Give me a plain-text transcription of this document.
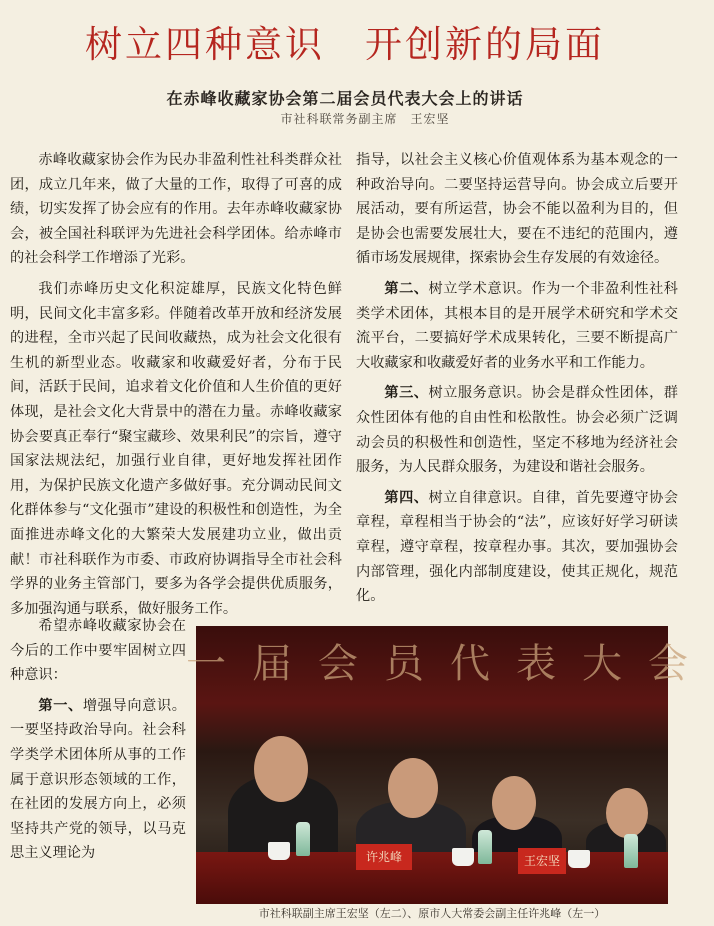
树立四种意识　开创新的局面
在赤峰收藏家协会第二届会员代表大会上的讲话
市社科联常务副主席　王宏坚

赤峰收藏家协会作为民办非盈利性社科类群众社团，成立几年来，做了大量的工作，取得了可喜的成绩，切实发挥了协会应有的作用。去年赤峰收藏家协会，被全国社科联评为先进社会科学团体。给赤峰市的社会科学工作增添了光彩。

我们赤峰历史文化积淀雄厚，民族文化特色鲜明，民间文化丰富多彩。伴随着改革开放和经济发展的进程，全市兴起了民间收藏热，成为社会文化很有生机的新型业态。收藏家和收藏爱好者，分布于民间，活跃于民间，追求着文化价值和人生价值的更好体现，是社会文化大背景中的潜在力量。赤峰收藏家协会要真正奉行“聚宝藏珍、效果利民”的宗旨，遵守国家法规法纪，加强行业自律，更好地发挥社团作用，为保护民族文化遗产多做好事。充分调动民间文化群体参与“文化强市”建设的积极性和创造性，为全面推进赤峰文化的大繁荣大发展建功立业，做出贡献！市社科联作为市委、市政府协调指导全市社会科学界的业务主管部门，要多为各学会提供优质服务，多加强沟通与联系，做好服务工作。

希望赤峰收藏家协会在今后的工作中要牢固树立四种意识：

第一、增强导向意识。一要坚持政治导向。社会科学类学术团体所从事的工作属于意识形态领域的工作，在社团的发展方向上，必须坚持共产党的领导，以马克思主义理论为

指导，以社会主义核心价值观体系为基本观念的一种政治导向。二要坚持运营导向。协会成立后要开展活动，要有所运营，协会不能以盈利为目的，但是协会也需要发展壮大，要在不违纪的范围内，遵循市场发展规律，探索协会生存发展的有效途径。

第二、树立学术意识。作为一个非盈利性社科类学术团体，其根本目的是开展学术研究和学术交流平台，二要搞好学术成果转化，三要不断提高广大收藏家和收藏爱好者的业务水平和工作能力。

第三、树立服务意识。协会是群众性团体，群众性团体有他的自由性和松散性。协会必须广泛调动会员的积极性和创造性，坚定不移地为经济社会服务，为人民群众服务，为建设和谐社会服务。

第四、树立自律意识。自律，首先要遵守协会章程，章程相当于协会的“法”，应该好好学习研读章程，遵守章程，按章程办事。其次，要加强协会内部管理，强化内部制度建设，使其正规化，规范化。

一届会员代表大会
许兆峰	王宏坚
市社科联副主席王宏坚（左二）、原市人大常委会副主任许兆峰（左一）
